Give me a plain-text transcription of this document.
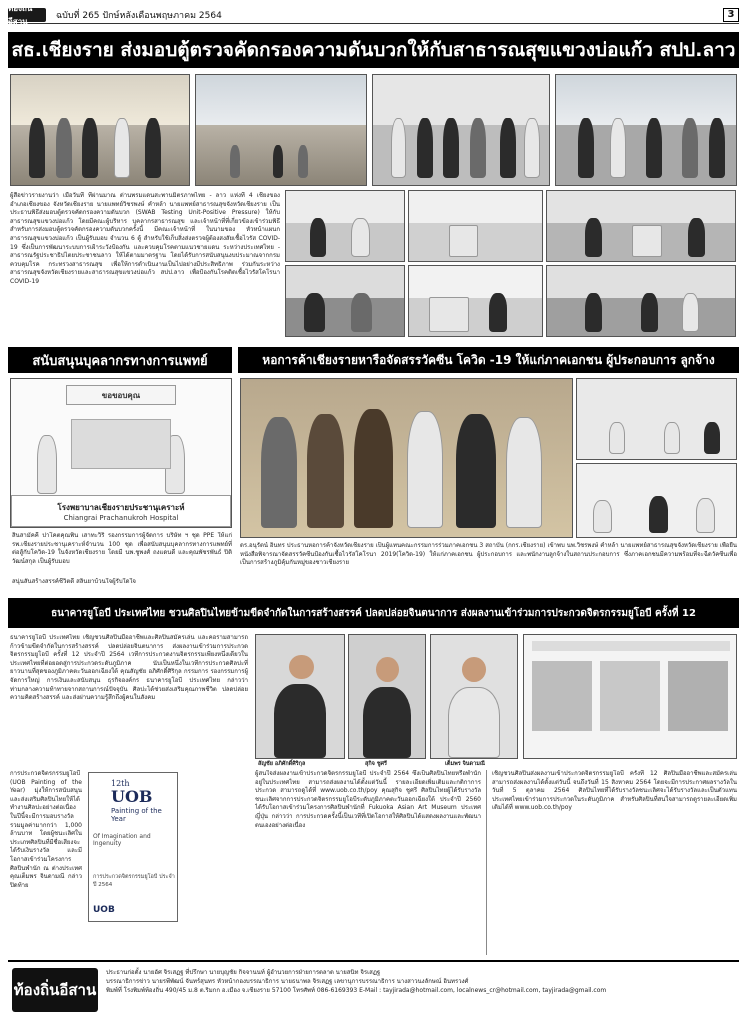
ท้องถิ่นอีสาน
ฉบับที่ 265 ปักษ์หลังเดือนพฤษภาคม 2564	3
สธ.เชียงราย ส่งมอบตู้ตรวจคัดกรองความดันบวกให้กับสาธารณสุขแขวงบ่อแก้ว สปป.ลาว
ผู้สื่อข่าวรายงานว่า เมื่อวันที่ ที่ผ่านมาณ ด่านพรมแดนสะพานมิตรภาพไทย - ลาว แห่งที่ 4 เชียงของ อำเภอเชียงของ จังหวัดเชียงราย นายแพทย์วิชรพงษ์ คำหล้า นายแพทย์สาธารณสุขจังหวัดเชียงราย เป็นประธานพิธีส่งมอบตู้ตรวจคัดกรองความดันบวก (SWAB Testing Unit-Positive Pressure) ให้กับสาธารณสุขแขวงบ่อแก้ว โดยมีคณะผู้บริหาร บุคลากรสาธารณสุข และเจ้าหน้าที่ที่เกี่ยวข้องเข้าร่วมพิธี สำหรับการส่งมอบตู้ตรวจคัดกรองความดันบวกครั้งนี้ มีคณะเจ้าหน้าที่ ในนามของ หัวหน้าแผนกสาธารณสุขแขวงบ่อแก้ว เป็นผู้รับมอบ จำนวน 6 ตู้ สำหรับใช้เก็บสิ่งส่งตรวจผู้ต้องสงสัยเชื้อไวรัส COVID-19 ซึ่งเป็นการพัฒนาระบบการเฝ้าระวังป้องกัน และควบคุมโรคตามแนวชายแดน ระหว่างประเทศไทย - สาธารณรัฐประชาธิปไตยประชาชนลาว ให้ได้ตามมาตรฐาน โดยได้รับการสนับสนุนงบประมาณจากกรมควบคุมโรค กระทรวงสาธารณสุข เพื่อให้การดำเนินงานเป็นไปอย่างมีประสิทธิภาพ ร่วมกันระหว่างสาธารณสุขจังหวัดเชียงรายและสาธารณสุขแขวงบ่อแก้ว สปป.ลาว เพื่อป้องกันโรคติดเชื้อไวรัสโคโรนา COVID-19
สนับสนุนบุคลากรทางการแพทย์	หอการค้าเชียงรายหารือจัดสรรวัคซีน โควิด -19 ให้แก่ภาคเอกชน ผู้ประกอบการ ลูกจ้าง
ขอขอบคุณ
โรงพยาบาลเชียงรายประชานุเคราะห์
Chiangrai Prachanukroh Hospital
สินสามัคคี ปาโคตคุณพิน เสาทะวิริ รองกรรมการผู้จัดการ บริษัท ฯ ชุด PPE ให้แก่รพ.เชียงรายประชานุเคราะห์จำนวน 100 ชุด เพื่อสนับสนุนบุคลากรทางการแพทย์ที่ต่อสู้กับโควิด-19 ในจังหวัดเชียงราย โดยมี นพ.ชูพงศ์ ถงแดนดี และคุณพัชรพันธ์ ปิติวัฒน์สกุล เป็นผู้รับมอบ
สนุ่นสันสร้างสรรค์ชีวิตดี สลินยาบ้วนใจผู้รับใดใจ
ดร.อนุรัตน์ อินทร ประธานหอการค้าจังหวัดเชียงราย เป็นผู้แทนคณะกรรมการร่วมภาคเอกชน 3 สถาบัน (กกร.เชียงราย) เข้าพบ นพ.วิชรพงษ์ คำหล้า นายแพทย์สาธารณสุขจังหวัดเชียงราย เพื่อยื่นหนังสือพิจารณาจัดสรรวัคซีนป้องกันเชื้อไวรัสโคโรนา 2019(โควิด-19) ให้แก่ภาคเอกชน ผู้ประกอบการ และพนักงานลูกจ้างในสถานประกอบการ ซึ่งภาคเอกชนมีความพร้อมที่จะฉีดวัคซีนเพื่อเป็นการสร้างภูมิคุ้มกันหมู่ของชาวเชียงราย
ธนาคารยูโอบี ประเทศไทย ชวนศิลปินไทยข้ามขีดจำกัดในการสร้างสรรค์ ปลดปล่อยจินตนาการ ส่งผลงานเข้าร่วมการประกวดจิตรกรรมยูโอบี ครั้งที่ 12
ธนาคารยูโอบี ประเทศไทย เชิญชวนศิลปินมืออาชีพและศิลปินสมัครเล่น และคอรามสามารถก้าวข้ามขีดจำกัดในการสร้างสรรค์ ปลดปล่อยจินตนาการ ส่งผลงานเข้าร่วมการประกวดจิตรกรรมยูโอบี ครั้งที่ 12 ประจำปี 2564 เวทีการประกวดงานจิตรกรรมเพียงหนึ่งเดียวในประเทศไทยที่ต่อยอดสู่การประกวดระดับภูมิภาค นับเป็นหนึ่งในเวทีการประกวดศิลปะที่ยาวนานที่สุดของภูมิภาคตะวันออกเฉียงใต้ คุณสัญชัย อภิศักดิ์ศิริกุล กรรมการ รองกรรมการผู้จัดการใหญ่ การเงินและสนับสนุน ธุรกิจองค์กร ธนาคารยูโอบี ประเทศไทย กล่าวว่า ท่ามกลางความท้าทายจากสถานการณ์ปัจจุบัน ศิลปะได้ช่วยส่งเสริมคุณภาพชีวิต ปลดปล่อยความคิดสร้างสรรค์ และส่งผ่านความรู้สึกถึงผู้คนในสังคม
การประกวดจิตรกรรมยูโอบี (UOB Painting of the Year) มุ่งให้การสนับสนุนและส่งเสริมศิลปินไทยให้ได้ทำงานศิลปะอย่างต่อเนื่อง ในปีนี้จะมีการมอบรางวัลรวมมูลค่ามากกว่า 1,000 ล้านบาท โดยผู้ชนะเลิศในประเภทศิลปินที่มีชื่อเสียงจะได้รับเงินรางวัล และมีโอกาสเข้าร่วมโครงการศิลปินพำนัก ณ ต่างประเทศ คุณเต็มพร จินดามณี กล่าวปิดท้าย
12th
UOB
Painting of the Year
Of Imagination and Ingenuity
การประกวดจิตรกรรมยูโอบี ประจำปี 2564
UOB
สัญชัย อภิศักดิ์ศิริกุล	สุกิจ ชูศรี	เต็มพร จินดามณี
ผู้สนใจส่งผลงานเข้าประกวดจิตรกรรมยูโอบี ประจำปี 2564 ซึ่งเป็นศิลปินไทยหรือพำนักอยู่ในประเทศไทย สามารถส่งผลงานได้ตั้งแต่วันนี้ รายละเอียดเพิ่มเติมและกติกาการประกวด สามารถดูได้ที่ www.uob.co.th/poy คุณสุกิจ ชูศรี ศิลปินไทยผู้ได้รับรางวัลชนะเลิศจากการประกวดจิตรกรรมยูโอบีระดับภูมิภาคตะวันออกเฉียงใต้ ประจำปี 2560 ได้รับโอกาสเข้าร่วมโครงการศิลปินพำนักที่ Fukuoka Asian Art Museum ประเทศญี่ปุ่น กล่าวว่า การประกวดครั้งนี้เป็นเวทีที่เปิดโอกาสให้ศิลปินได้แสดงผลงานและพัฒนาตนเองอย่างต่อเนื่อง
เชิญชวนศิลปินส่งผลงานเข้าประกวดจิตรกรรมยูโอบี ครั้งที่ 12 ศิลปินมืออาชีพและสมัครเล่นสามารถส่งผลงานได้ตั้งแต่วันนี้ จนถึงวันที่ 15 สิงหาคม 2564 โดยจะมีการประกาศผลรางวัลในวันที่ 5 ตุลาคม 2564 ศิลปินไทยที่ได้รับรางวัลชนะเลิศจะได้รับรางวัลและเป็นตัวแทนประเทศไทยเข้าร่วมการประกวดในระดับภูมิภาค สำหรับศิลปินที่สนใจสามารถดูรายละเอียดเพิ่มเติมได้ที่ www.uob.co.th/poy
ท้องถิ่นอีสาน
ประธานก่อตั้ง นายอัศ จิรเสฏฐ ที่ปรึกษา นายบุญชัย กิจจานนท์ ผู้อำนวยการฝ่ายการตลาด นายสนิท จิรเสฏฐ
บรรณาธิการข่าว นายรพีพัฒน์ จันทร์สุนทร หัวหน้ากองบรรณาธิการ นายธนาพล จิรเสฏฐ เลขานุการบรรณาธิการ นางสาวนงลักษณ์ อินทรวงศ์
พิมพ์ที่ โรงพิมพ์ท้องถิ่น 490/45 ม.8 ต.ริมกก อ.เมือง จ.เชียงราย 57100 โทรศัพท์ 086-6169393 E-Mail : tayjirada@hotmail.com, localnews_cr@hotmail.com, tayjirada@gmail.com
